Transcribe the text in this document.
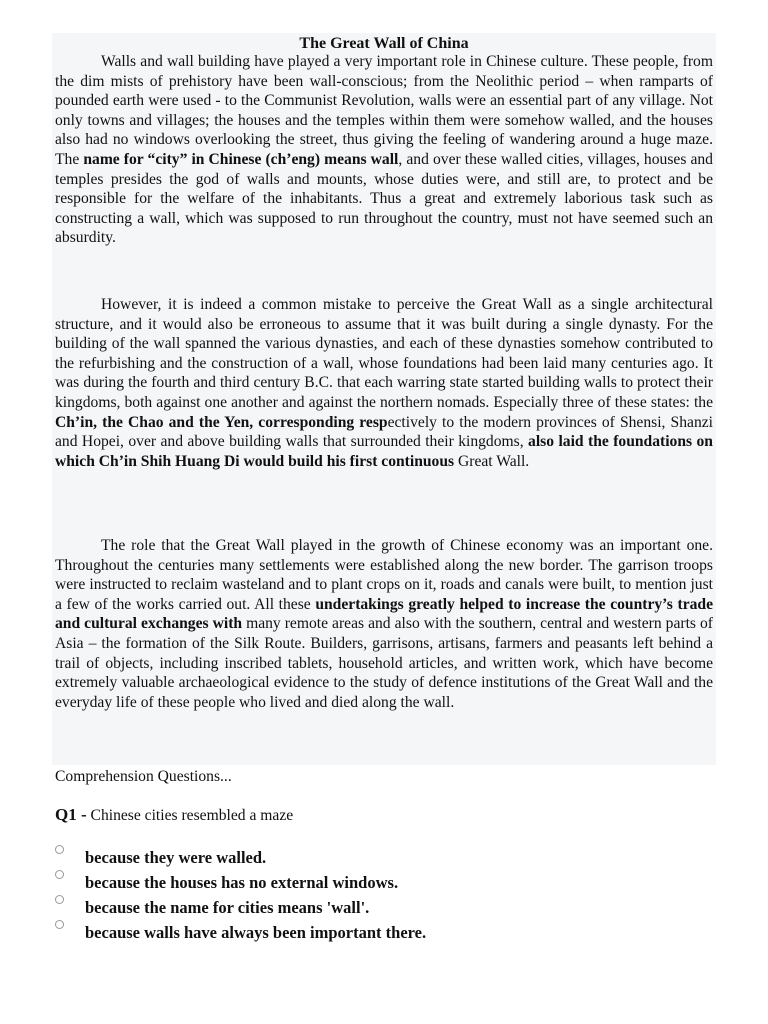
The Great Wall of China

Walls and wall building have played a very important role in Chinese culture. These people, from the dim mists of prehistory have been wall-conscious; from the Neolithic period – when ramparts of pounded earth were used - to the Communist Revolution, walls were an essential part of any village. Not only towns and villages; the houses and the temples within them were somehow walled, and the houses also had no windows overlooking the street, thus giving the feeling of wandering around a huge maze. The name for “city” in Chinese (ch’eng) means wall, and over these walled cities, villages, houses and temples presides the god of walls and mounts, whose duties were, and still are, to protect and be responsible for the welfare of the inhabitants. Thus a great and extremely laborious task such as constructing a wall, which was supposed to run throughout the country, must not have seemed such an absurdity.

However, it is indeed a common mistake to perceive the Great Wall as a single architectural structure, and it would also be erroneous to assume that it was built during a single dynasty. For the building of the wall spanned the various dynasties, and each of these dynasties somehow contributed to the refurbishing and the construction of a wall, whose foundations had been laid many centuries ago. It was during the fourth and third century B.C. that each warring state started building walls to protect their kingdoms, both against one another and against the northern nomads. Especially three of these states: the Ch’in, the Chao and the Yen, corresponding respectively to the modern provinces of Shensi, Shanzi and Hopei, over and above building walls that surrounded their kingdoms, also laid the foundations on which Ch’in Shih Huang Di would build his first continuous Great Wall.

The role that the Great Wall played in the growth of Chinese economy was an important one. Throughout the centuries many settlements were established along the new border. The garrison troops were instructed to reclaim wasteland and to plant crops on it, roads and canals were built, to mention just a few of the works carried out. All these undertakings greatly helped to increase the country’s trade and cultural exchanges with many remote areas and also with the southern, central and western parts of Asia – the formation of the Silk Route. Builders, garrisons, artisans, farmers and peasants left behind a trail of objects, including inscribed tablets, household articles, and written work, which have become extremely valuable archaeological evidence to the study of defence institutions of the Great Wall and the everyday life of these people who lived and died along the wall.

Comprehension Questions...
Q1 - Chinese cities resembled a maze
because they were walled.
because the houses has no external windows.
because the name for cities means 'wall'.
because walls have always been important there.
